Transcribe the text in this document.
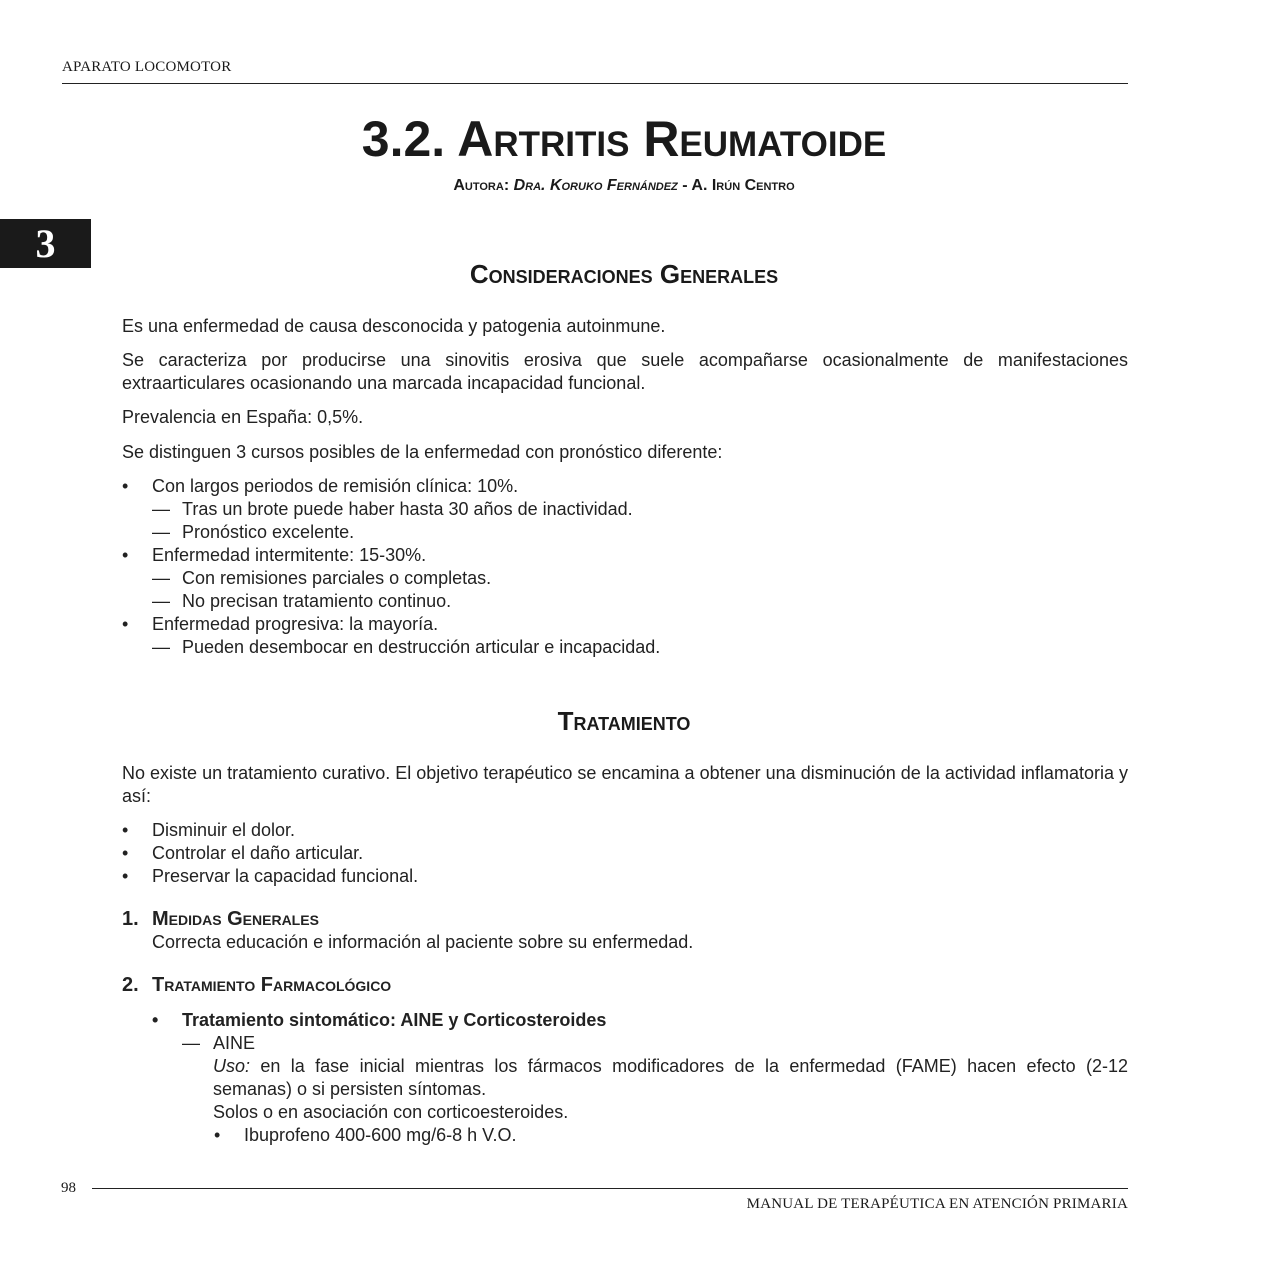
APARATO LOCOMOTOR
3
3.2. Artritis Reumatoide
Autora: Dra. Koruko Fernández - A. Irún Centro
Consideraciones Generales

Es una enfermedad de causa desconocida y patogenia autoinmune.

Se caracteriza por producirse una sinovitis erosiva que suele acompañarse ocasionalmente de manifestaciones extraarticulares ocasionando una marcada incapacidad funcional.

Prevalencia en España: 0,5%.

Se distinguen 3 cursos posibles de la enfermedad con pronóstico diferente:

• Con largos periodos de remisión clínica: 10%.
— Tras un brote puede haber hasta 30 años de inactividad.
— Pronóstico excelente.
• Enfermedad intermitente: 15-30%.
— Con remisiones parciales o completas.
— No precisan tratamiento continuo.
• Enfermedad progresiva: la mayoría.
— Pueden desembocar en destrucción articular e incapacidad.
Tratamiento

No existe un tratamiento curativo. El objetivo terapéutico se encamina a obtener una disminución de la actividad inflamatoria y así:

• Disminuir el dolor.
• Controlar el daño articular.
• Preservar la capacidad funcional.
1. Medidas Generales
Correcta educación e información al paciente sobre su enfermedad.
2. Tratamiento Farmacológico
• Tratamiento sintomático: AINE y Corticosteroides
— AINE
Uso: en la fase inicial mientras los fármacos modificadores de la enfermedad (FAME) hacen efecto (2-12 semanas) o si persisten síntomas.
Solos o en asociación con corticoesteroides.
• Ibuprofeno 400-600 mg/6-8 h V.O.
98
MANUAL DE TERAPÉUTICA EN ATENCIÓN PRIMARIA
